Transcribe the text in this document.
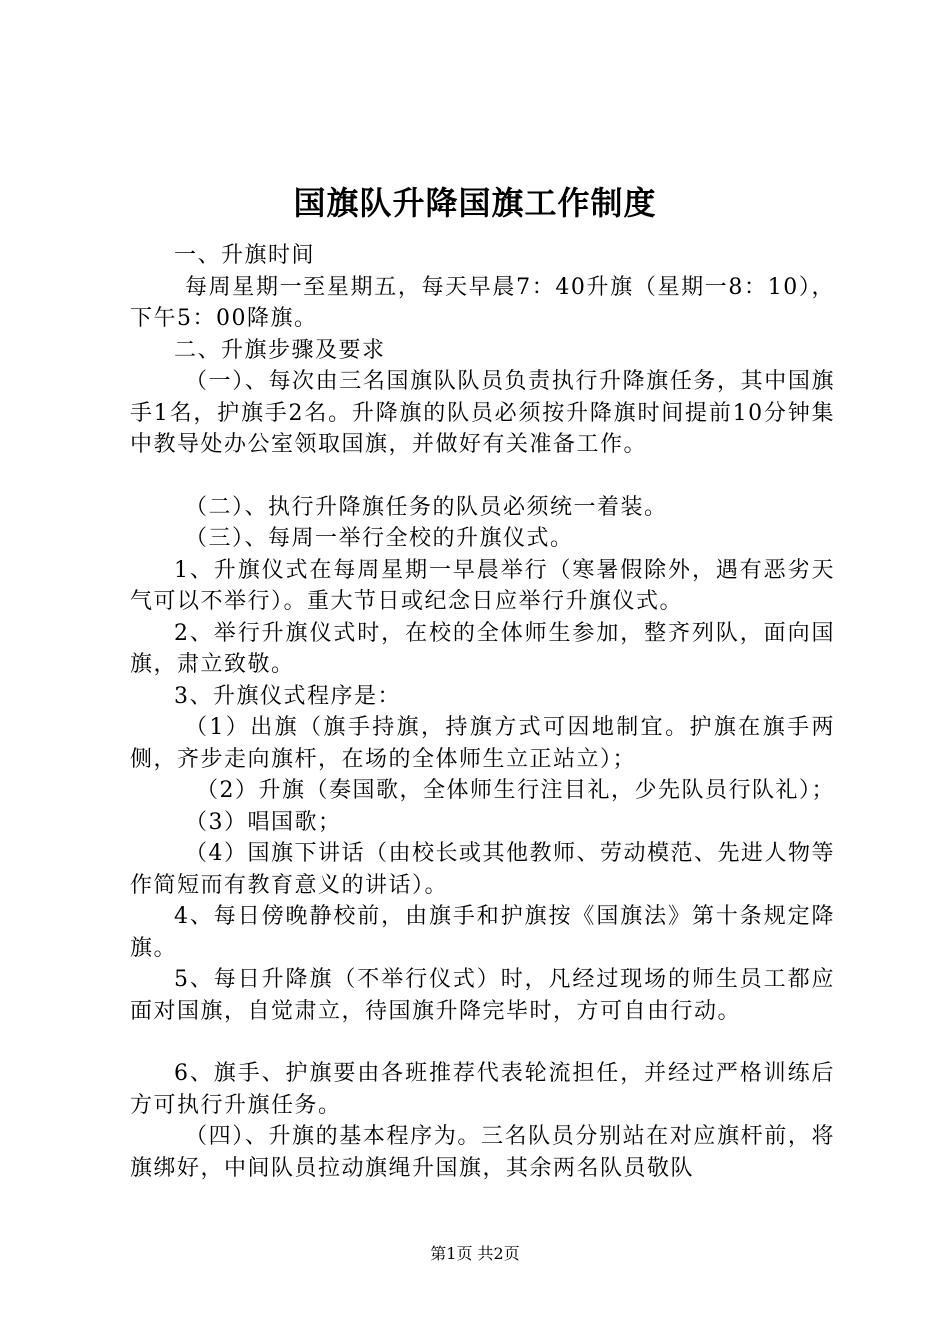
国旗队升降国旗工作制度

一、升旗时间

每周星期一至星期五，每天早晨7：40升旗（星期一8：10），下午5：00降旗。

二、升旗步骤及要求

（一）、每次由三名国旗队队员负责执行升降旗任务，其中国旗手1名，护旗手2名。升降旗的队员必须按升降旗时间提前10分钟集中教导处办公室领取国旗，并做好有关准备工作。

（二）、执行升降旗任务的队员必须统一着装。

（三）、每周一举行全校的升旗仪式。

1、升旗仪式在每周星期一早晨举行（寒暑假除外，遇有恶劣天气可以不举行）。重大节日或纪念日应举行升旗仪式。

2、举行升旗仪式时，在校的全体师生参加，整齐列队，面向国旗，肃立致敬。

3、升旗仪式程序是：

（1）出旗（旗手持旗，持旗方式可因地制宜。护旗在旗手两侧，齐步走向旗杆，在场的全体师生立正站立）；

（2）升旗（奏国歌，全体师生行注目礼，少先队员行队礼）；

（3）唱国歌；

（4）国旗下讲话（由校长或其他教师、劳动模范、先进人物等作简短而有教育意义的讲话）。

4、每日傍晚静校前，由旗手和护旗按《国旗法》第十条规定降旗。

5、每日升降旗（不举行仪式）时，凡经过现场的师生员工都应面对国旗，自觉肃立，待国旗升降完毕时，方可自由行动。

6、旗手、护旗要由各班推荐代表轮流担任，并经过严格训练后方可执行升旗任务。

（四）、升旗的基本程序为。三名队员分别站在对应旗杆前，将旗绑好，中间队员拉动旗绳升国旗，其余两名队员敬队

第1页 共2页
